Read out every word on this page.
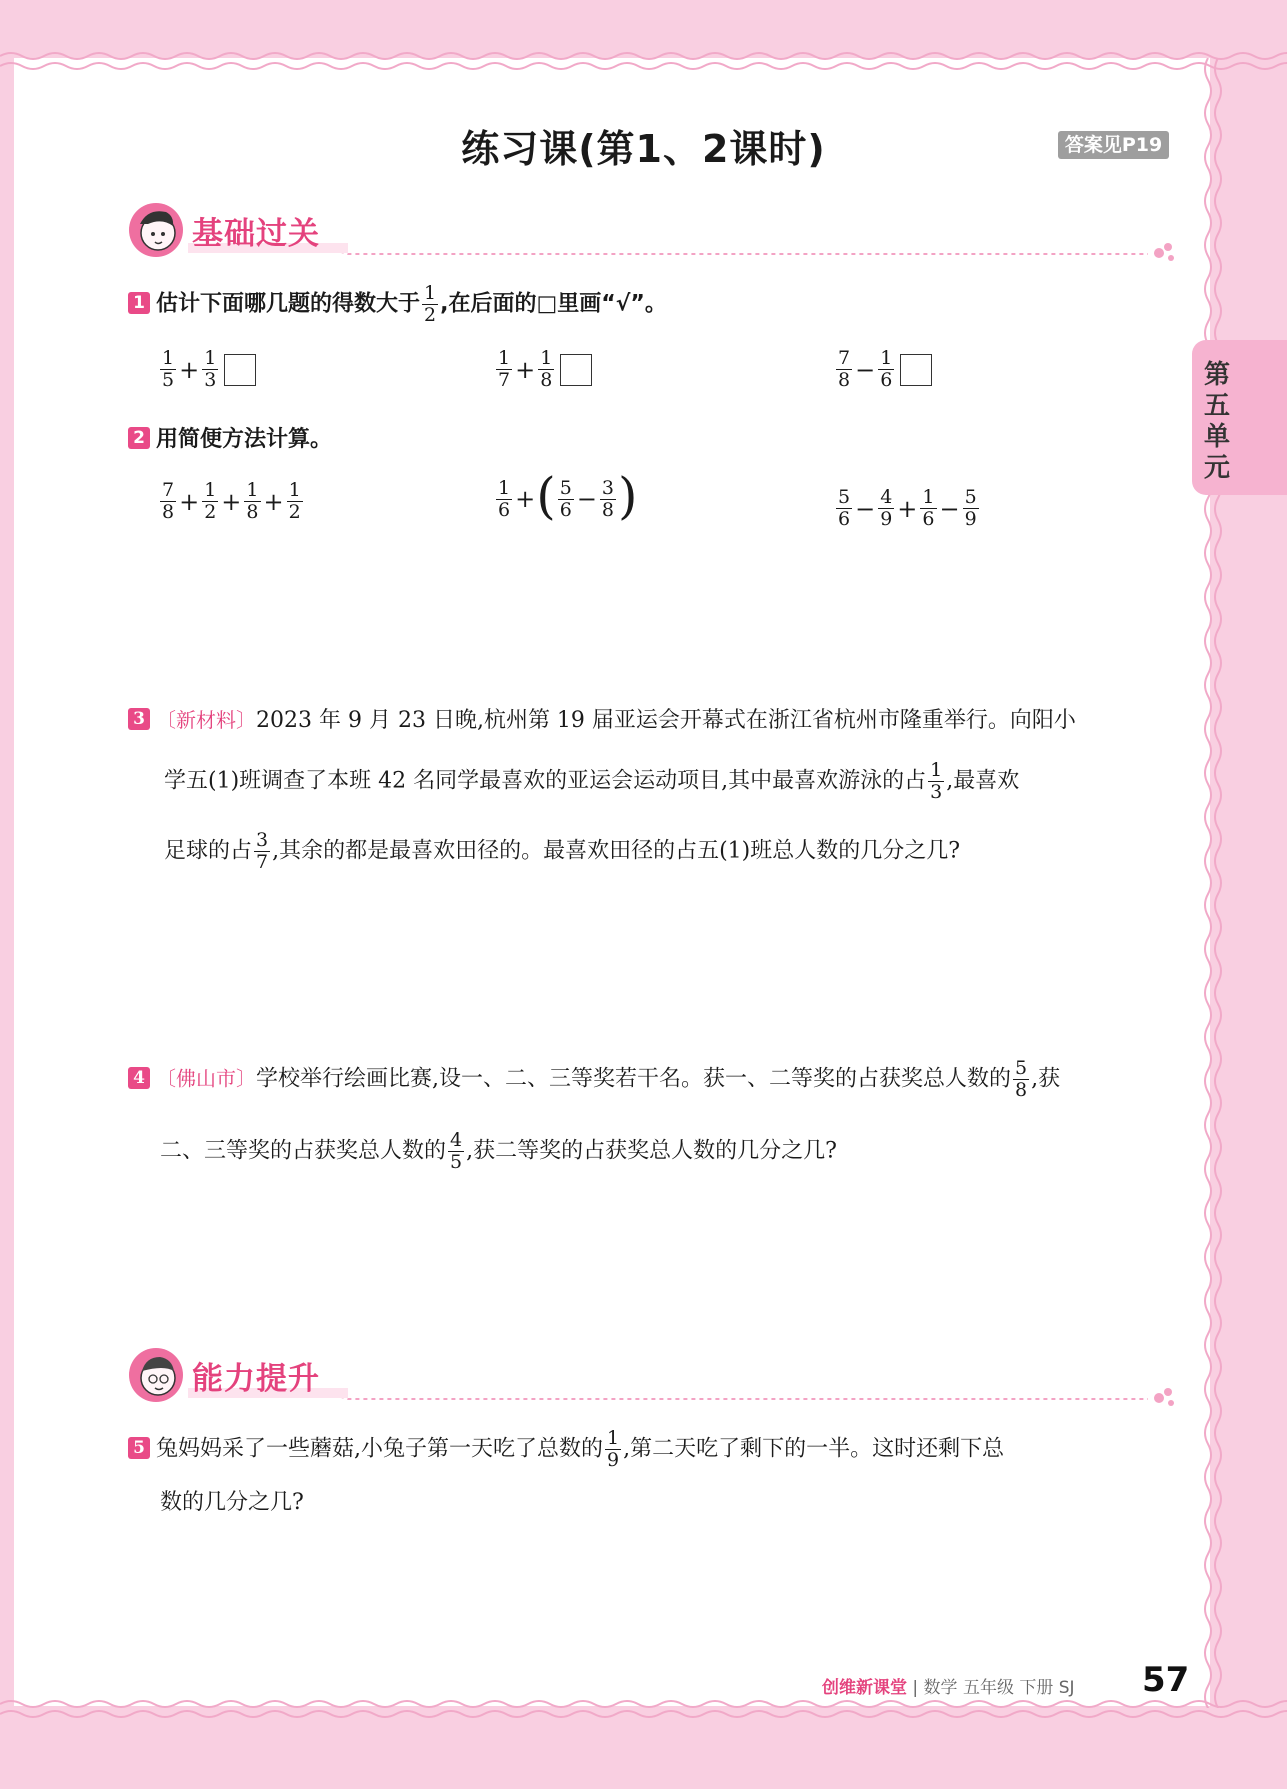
练习课(第1、2课时)	答案见P19
第五单元
基础过关
1 估计下面哪几题的得数大于 $\frac{1}{2}$ ,在后面的□里画“√”。
$\frac{1}{5} + \frac{1}{3}$	$\frac{1}{7} + \frac{1}{8}$	$\frac{7}{8} - \frac{1}{6}$
2 用简便方法计算。
$\frac{7}{8} + \frac{1}{2} + \frac{1}{8} + \frac{1}{2}$	$\frac{1}{6}$ +( $\frac{5}{6} - \frac{3}{8}$ )	$\frac{5}{6} - \frac{4}{9} + \frac{1}{6} - \frac{5}{9}$
3 〔新材料〕2023 年 9 月 23 日晚,杭州第 19 届亚运会开幕式在浙江省杭州市隆重举行。向阳小
学五(1)班调查了本班 42 名同学最喜欢的亚运会运动项目,其中最喜欢游泳的占 $\frac{1}{3}$ ,最喜欢
足球的占 $\frac{3}{7}$ ,其余的都是最喜欢田径的。最喜欢田径的占五(1)班总人数的几分之几?
4 〔佛山市〕学校举行绘画比赛,设一、二、三等奖若干名。获一、二等奖的占获奖总人数的 $\frac{5}{8}$ ,获
二、三等奖的占获奖总人数的 $\frac{4}{5}$ ,获二等奖的占获奖总人数的几分之几?
能力提升
5 兔妈妈采了一些蘑菇,小兔子第一天吃了总数的 $\frac{1}{9}$ ,第二天吃了剩下的一半。这时还剩下总
数的几分之几?
创维新课堂 | 数学 五年级 下册 SJ 57
